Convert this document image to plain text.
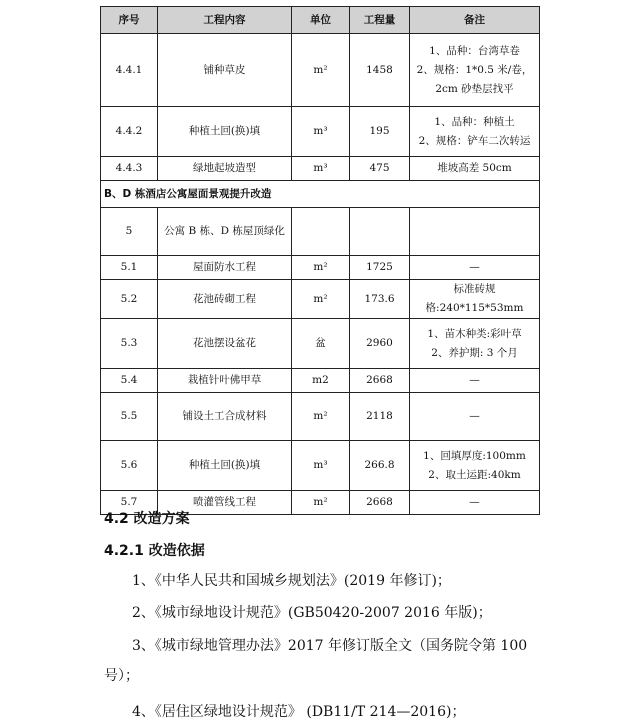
序号	工程内容	单位	工程量	备注
4.4.1	铺种草皮	m²	1458	1、品种：台湾草卷
2、规格：1*0.5 米/卷，2cm 砂垫层找平

4.4.2	种植土回(换)填	m³	195	1、品种：种植土
2、规格：铲车二次转运

4.4.3	绿地起坡造型	m³	475	堆坡高差 50cm

B、D 栋酒店公寓屋面景观提升改造				
5	公寓 B 栋、D 栋屋顶绿化			
5.1	屋面防水工程	m²	1725	—

5.2	花池砖砌工程	m²	173.6	标准砖规格:240*115*53mm

5.3	花池摆设盆花	盆	2960	1、苗木种类:彩叶草
2、养护期: 3 个月

5.4	栽植针叶佛甲草	m2	2668	—

5.5	铺设土工合成材料	m²	2118	—

5.6	种植土回(换)填	m³	266.8	1、回填厚度:100mm
2、取土运距:40km

5.7	喷灌管线工程	m²	2668	—
4.2 改造方案
4.2.1 改造依据
1、《中华人民共和国城乡规划法》(2019 年修订)；
2、《城市绿地设计规范》(GB50420-2007 2016 年版)；
3、《城市绿地管理办法》2017 年修订版全文（国务院令第 100 号）；
4、《居住区绿地设计规范》 (DB11/T 214—2016)；
